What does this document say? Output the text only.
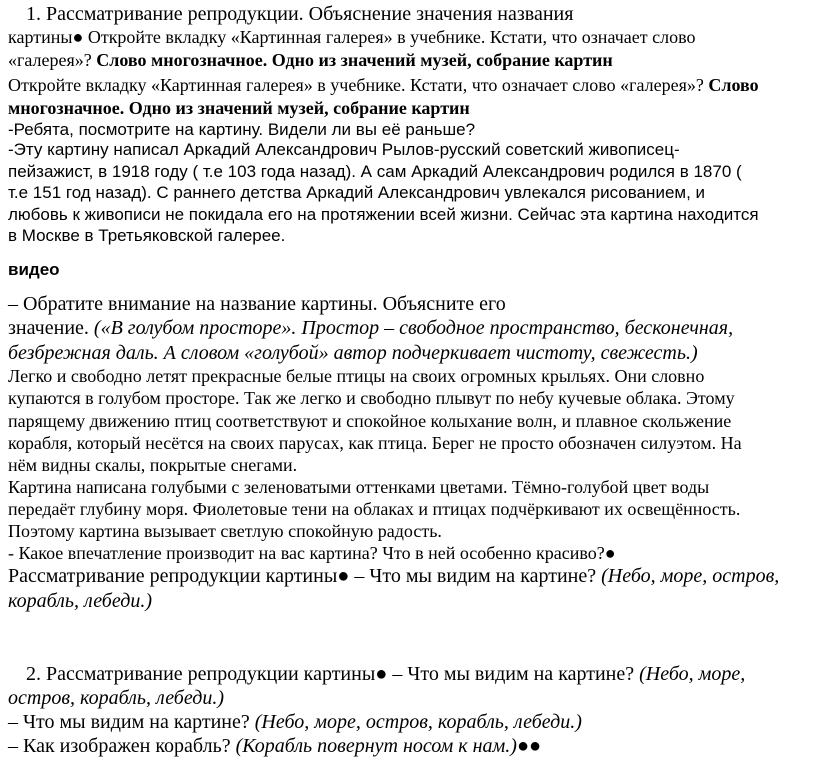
1. Рассматривание репродукции. Объяснение значения названия
картины● Откройте вкладку «Картинная галерея» в учебнике. Кстати, что означает слово
«галерея»? Слово многозначное. Одно из значений музей, собрание картин
Откройте вкладку «Картинная галерея» в учебнике. Кстати, что означает слово «галерея»? Слово
многозначное. Одно из значений музей, собрание картин
-Ребята, посмотрите на картину. Видели ли вы её раньше?
-Эту картину написал Аркадий Александрович Рылов-русский советский живописец-
пейзажист, в 1918 году ( т.е 103 года назад). А сам Аркадий Александрович родился в 1870 (
т.е 151 год назад). С раннего детства Аркадий Александрович увлекался рисованием, и
любовь к живописи не покидала его на протяжении всей жизни. Сейчас эта картина находится
в Москве в Третьяковской галерее.
видео
– Обратите внимание на название картины. Объясните его
значение. («В голубом просторе». Простор – свободное пространство, бесконечная,
безбрежная даль. А словом «голубой» автор подчеркивает чистоту, свежесть.)
Легко и свободно летят прекрасные белые птицы на своих огромных крыльях. Они словно
купаются в голубом просторе. Так же легко и свободно плывут по небу кучевые облака. Этому
парящему движению птиц соответствуют и спокойное колыхание волн, и плавное скольжение
корабля, который несётся на своих парусах, как птица. Берег не просто обозначен силуэтом. На
нём видны скалы, покрытые снегами.
Картина написана голубыми с зеленоватыми оттенками цветами. Тёмно-голубой цвет воды
передаёт глубину моря. Фиолетовые тени на облаках и птицах подчёркивают их освещённость.
Поэтому картина вызывает светлую спокойную радость.
- Какое впечатление производит на вас картина? Что в ней особенно красиво?●
Рассматривание репродукции картины● – Что мы видим на картине? (Небо, море, остров,
корабль, лебеди.)
2. Рассматривание репродукции картины● – Что мы видим на картине? (Небо, море,
остров, корабль, лебеди.)
– Что мы видим на картине? (Небо, море, остров, корабль, лебеди.)
– Как изображен корабль? (Корабль повернут носом к нам.)●●
